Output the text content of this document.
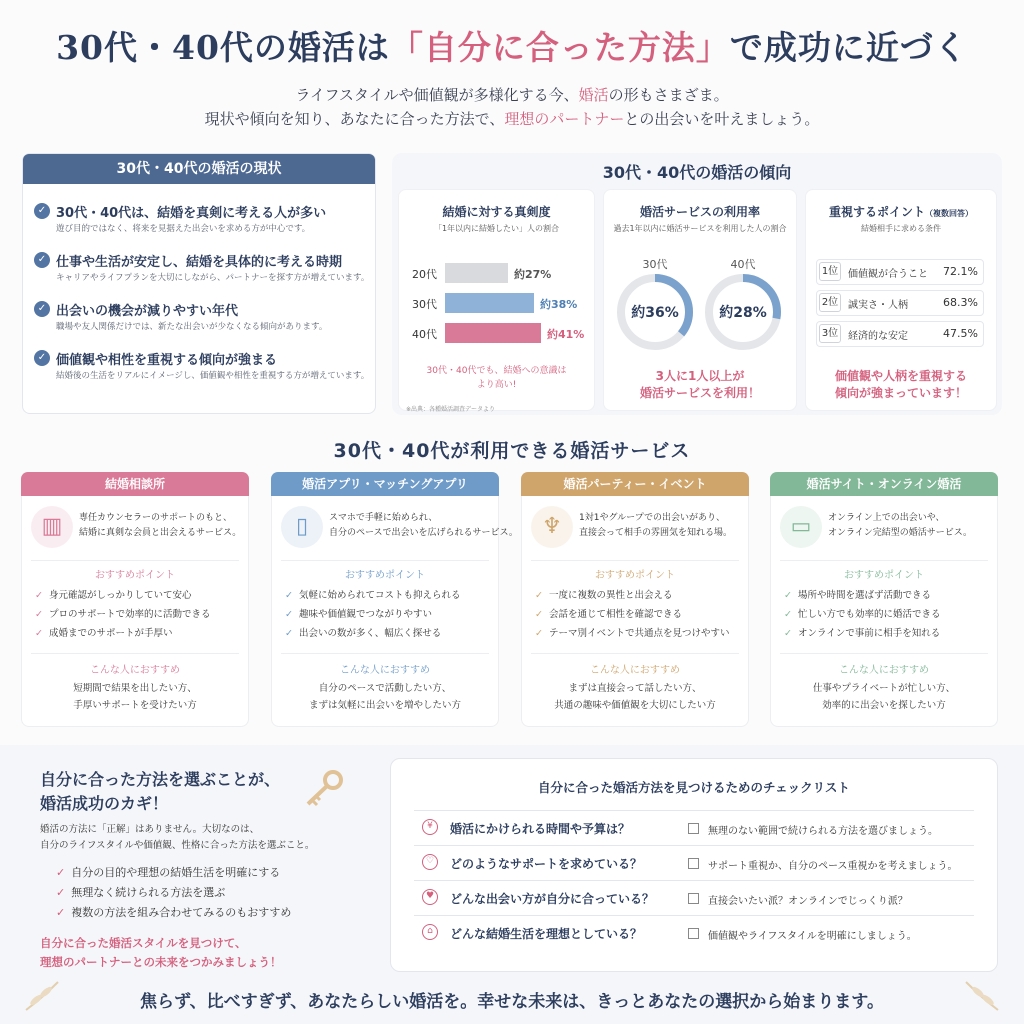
30代・40代の婚活は「自分に合った方法」で成功に近づく
ライフスタイルや価値観が多様化する今、婚活の形もさまざま。
現状や傾向を知り、あなたに合った方法で、理想のパートナーとの出会いを叶えましょう。
30代・40代の婚活の現状	30代・40代の婚活の傾向
結婚に対する真剣度
「1年以内に結婚したい」人の割合
30代・40代でも、結婚への意識は
より高い!
※出典：各種婚活調査データより
婚活サービスの利用率
過去1年以内に婚活サービスを利用した人の割合
30代
約36%
40代
約28%
3人に1人以上が
婚活サービスを利用！
重視するポイント（複数回答）
結婚相手に求める条件
価値観や人柄を重視する
傾向が強まっています！
30代・40代が利用できる婚活サービス
自分に合った方法を選ぶことが、
婚活成功のカギ！
婚活の方法に「正解」はありません。大切なのは、
自分のライフスタイルや価値観、性格に合った方法を選ぶこと。
自分に合った婚活スタイルを見つけて、
理想のパートナーとの未来をつかみましょう！
自分に合った婚活方法を見つけるためのチェックリスト
焦らず、比べすぎず、あなたらしい婚活を。幸せな未来は、きっとあなたの選択から始まります。
✓ 30代・40代は、結婚を真剣に考える人が多い
遊び目的ではなく、将来を見据えた出会いを求める方が中心です。
✓ 仕事や生活が安定し、結婚を具体的に考える時期
キャリアやライフプランを大切にしながら、パートナーを探す方が増えています。
✓ 出会いの機会が減りやすい年代
職場や友人関係だけでは、新たな出会いが少なくなる傾向があります。
✓ 価値観や相性を重視する傾向が強まる
結婚後の生活をリアルにイメージし、価値観や相性を重視する方が増えています。
20代	約27%
30代	約38%
40代	約41%
1位 価値観が合うこと	72.1%
2位 誠実さ・人柄	68.3%
3位 経済的な安定	47.5%
結婚相談所
▥	専任カウンセラーのサポートのもと、
結婚に真剣な会員と出会えるサービス。
おすすめポイント
✓ 身元確認がしっかりしていて安心
✓ プロのサポートで効率的に活動できる
✓ 成婚までのサポートが手厚い
こんな人におすすめ
短期間で結果を出したい方、
手厚いサポートを受けたい方
婚活アプリ・マッチングアプリ
▯	スマホで手軽に始められ、
自分のペースで出会いを広げられるサービス。
おすすめポイント
✓ 気軽に始められてコストも抑えられる
✓ 趣味や価値観でつながりやすい
✓ 出会いの数が多く、幅広く探せる
こんな人におすすめ
自分のペースで活動したい方、
まずは気軽に出会いを増やしたい方
婚活パーティー・イベント
♆	1対1やグループでの出会いがあり、
直接会って相手の雰囲気を知れる場。
おすすめポイント
✓ 一度に複数の異性と出会える
✓ 会話を通じて相性を確認できる
✓ テーマ別イベントで共通点を見つけやすい
こんな人におすすめ
まずは直接会って話したい方、
共通の趣味や価値観を大切にしたい方
婚活サイト・オンライン婚活
▭	オンライン上での出会いや、
オンライン完結型の婚活サービス。
おすすめポイント
✓ 場所や時間を選ばず活動できる
✓ 忙しい方でも効率的に婚活できる
✓ オンラインで事前に相手を知れる
こんな人におすすめ
仕事やプライベートが忙しい方、
効率的に出会いを探したい方
✓ 自分の目的や理想の結婚生活を明確にする
✓ 無理なく続けられる方法を選ぶ
✓ 複数の方法を組み合わせてみるのもおすすめ
¥	婚活にかけられる時間や予算は？	無理のない範囲で続けられる方法を選びましょう。
♡	どのようなサポートを求めている？	サポート重視か、自分のペース重視かを考えましょう。
♥	どんな出会い方が自分に合っている？	直接会いたい派？オンラインでじっくり派？
⌂	どんな結婚生活を理想としている？	価値観やライフスタイルを明確にしましょう。
